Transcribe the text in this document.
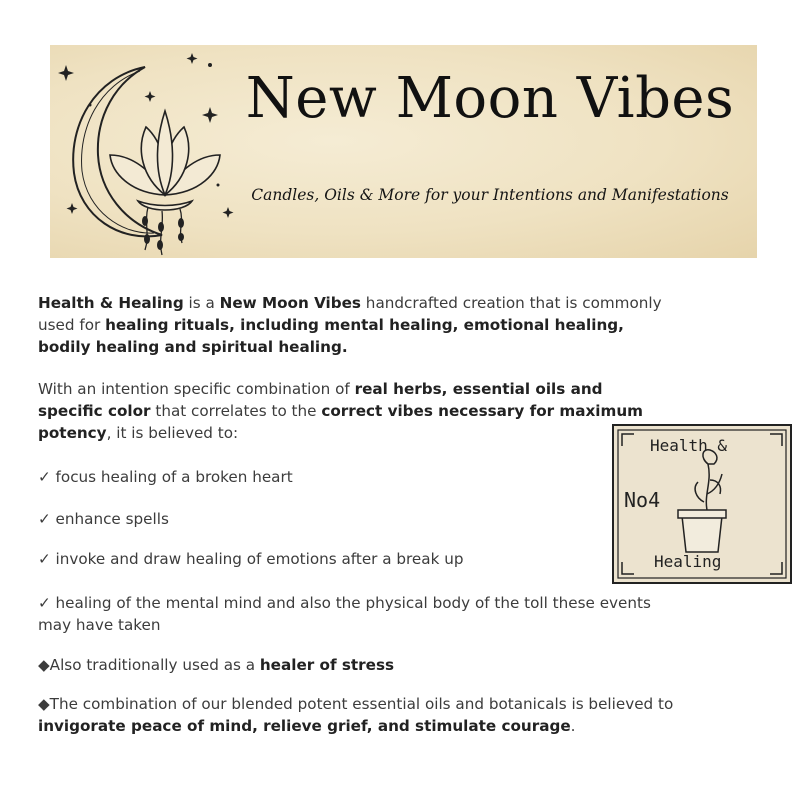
New Moon Vibes
Candles, Oils & More for your Intentions and Manifestations

Health & Healing is a New Moon Vibes handcrafted creation that is commonly used for healing rituals, including mental healing, emotional healing, bodily healing and spiritual healing.

With an intention specific combination of real herbs, essential oils and specific color that correlates to the correct vibes necessary for maximum potency, it is believed to:

✓ focus healing of a broken heart

✓ enhance spells

✓ invoke and draw healing of emotions after a break up

✓ healing of the mental mind and also the physical body of the toll these events may have taken

◆Also traditionally used as a healer of stress

◆The combination of our blended potent essential oils and botanicals is believed to invigorate peace of mind, relieve grief, and stimulate courage.

Health &
No4
Healing
